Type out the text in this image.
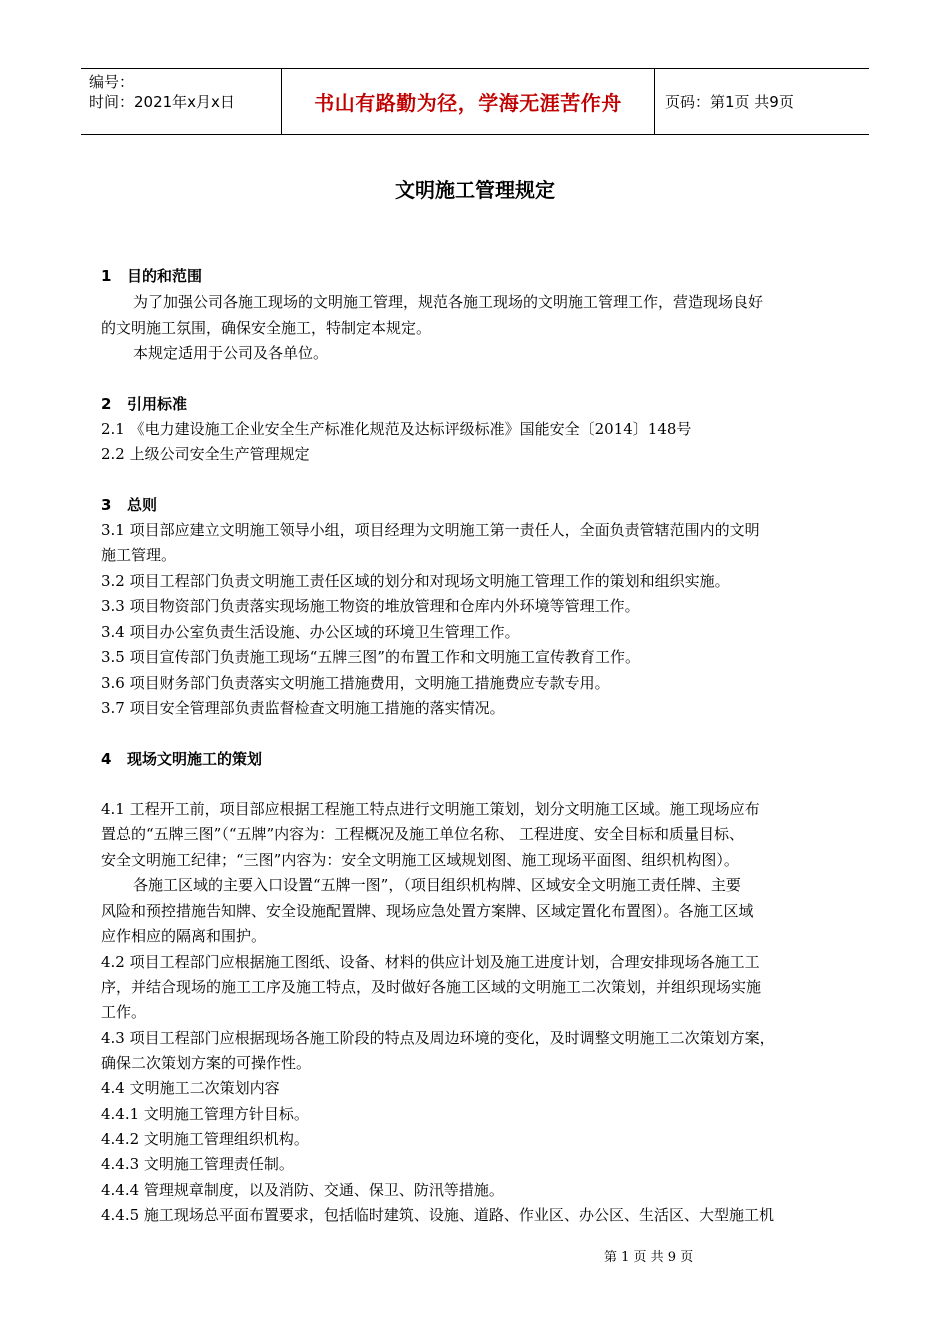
编号：
时间：2021年x月x日	书山有路勤为径，学海无涯苦作舟	页码：第1页 共9页
文明施工管理规定
1 目的和范围
为了加强公司各施工现场的文明施工管理，规范各施工现场的文明施工管理工作，营造现场良好
的文明施工氛围，确保安全施工，特制定本规定。
本规定适用于公司及各单位。
2 引用标准
2.1 《电力建设施工企业安全生产标准化规范及达标评级标准》国能安全〔2014〕148号
2.2 上级公司安全生产管理规定
3 总则
3.1 项目部应建立文明施工领导小组，项目经理为文明施工第一责任人，全面负责管辖范围内的文明
施工管理。
3.2 项目工程部门负责文明施工责任区域的划分和对现场文明施工管理工作的策划和组织实施。
3.3 项目物资部门负责落实现场施工物资的堆放管理和仓库内外环境等管理工作。
3.4 项目办公室负责生活设施、办公区域的环境卫生管理工作。
3.5 项目宣传部门负责施工现场“五牌三图”的布置工作和文明施工宣传教育工作。
3.6 项目财务部门负责落实文明施工措施费用，文明施工措施费应专款专用。
3.7 项目安全管理部负责监督检查文明施工措施的落实情况。
4 现场文明施工的策划
4.1 工程开工前，项目部应根据工程施工特点进行文明施工策划，划分文明施工区域。施工现场应布
置总的“五牌三图”（“五牌”内容为：工程概况及施工单位名称、 工程进度、安全目标和质量目标、
安全文明施工纪律；“三图”内容为：安全文明施工区域规划图、施工现场平面图、组织机构图）。
各施工区域的主要入口设置“五牌一图”，（项目组织机构牌、区域安全文明施工责任牌、主要
风险和预控措施告知牌、安全设施配置牌、现场应急处置方案牌、区域定置化布置图）。各施工区域
应作相应的隔离和围护。
4.2 项目工程部门应根据施工图纸、设备、材料的供应计划及施工进度计划，合理安排现场各施工工
序，并结合现场的施工工序及施工特点，及时做好各施工区域的文明施工二次策划，并组织现场实施
工作。
4.3 项目工程部门应根据现场各施工阶段的特点及周边环境的变化，及时调整文明施工二次策划方案，
确保二次策划方案的可操作性。
4.4 文明施工二次策划内容
4.4.1 文明施工管理方针目标。
4.4.2 文明施工管理组织机构。
4.4.3 文明施工管理责任制。
4.4.4 管理规章制度，以及消防、交通、保卫、防汛等措施。
4.4.5 施工现场总平面布置要求，包括临时建筑、设施、道路、作业区、办公区、生活区、大型施工机
第 1 页 共 9 页
